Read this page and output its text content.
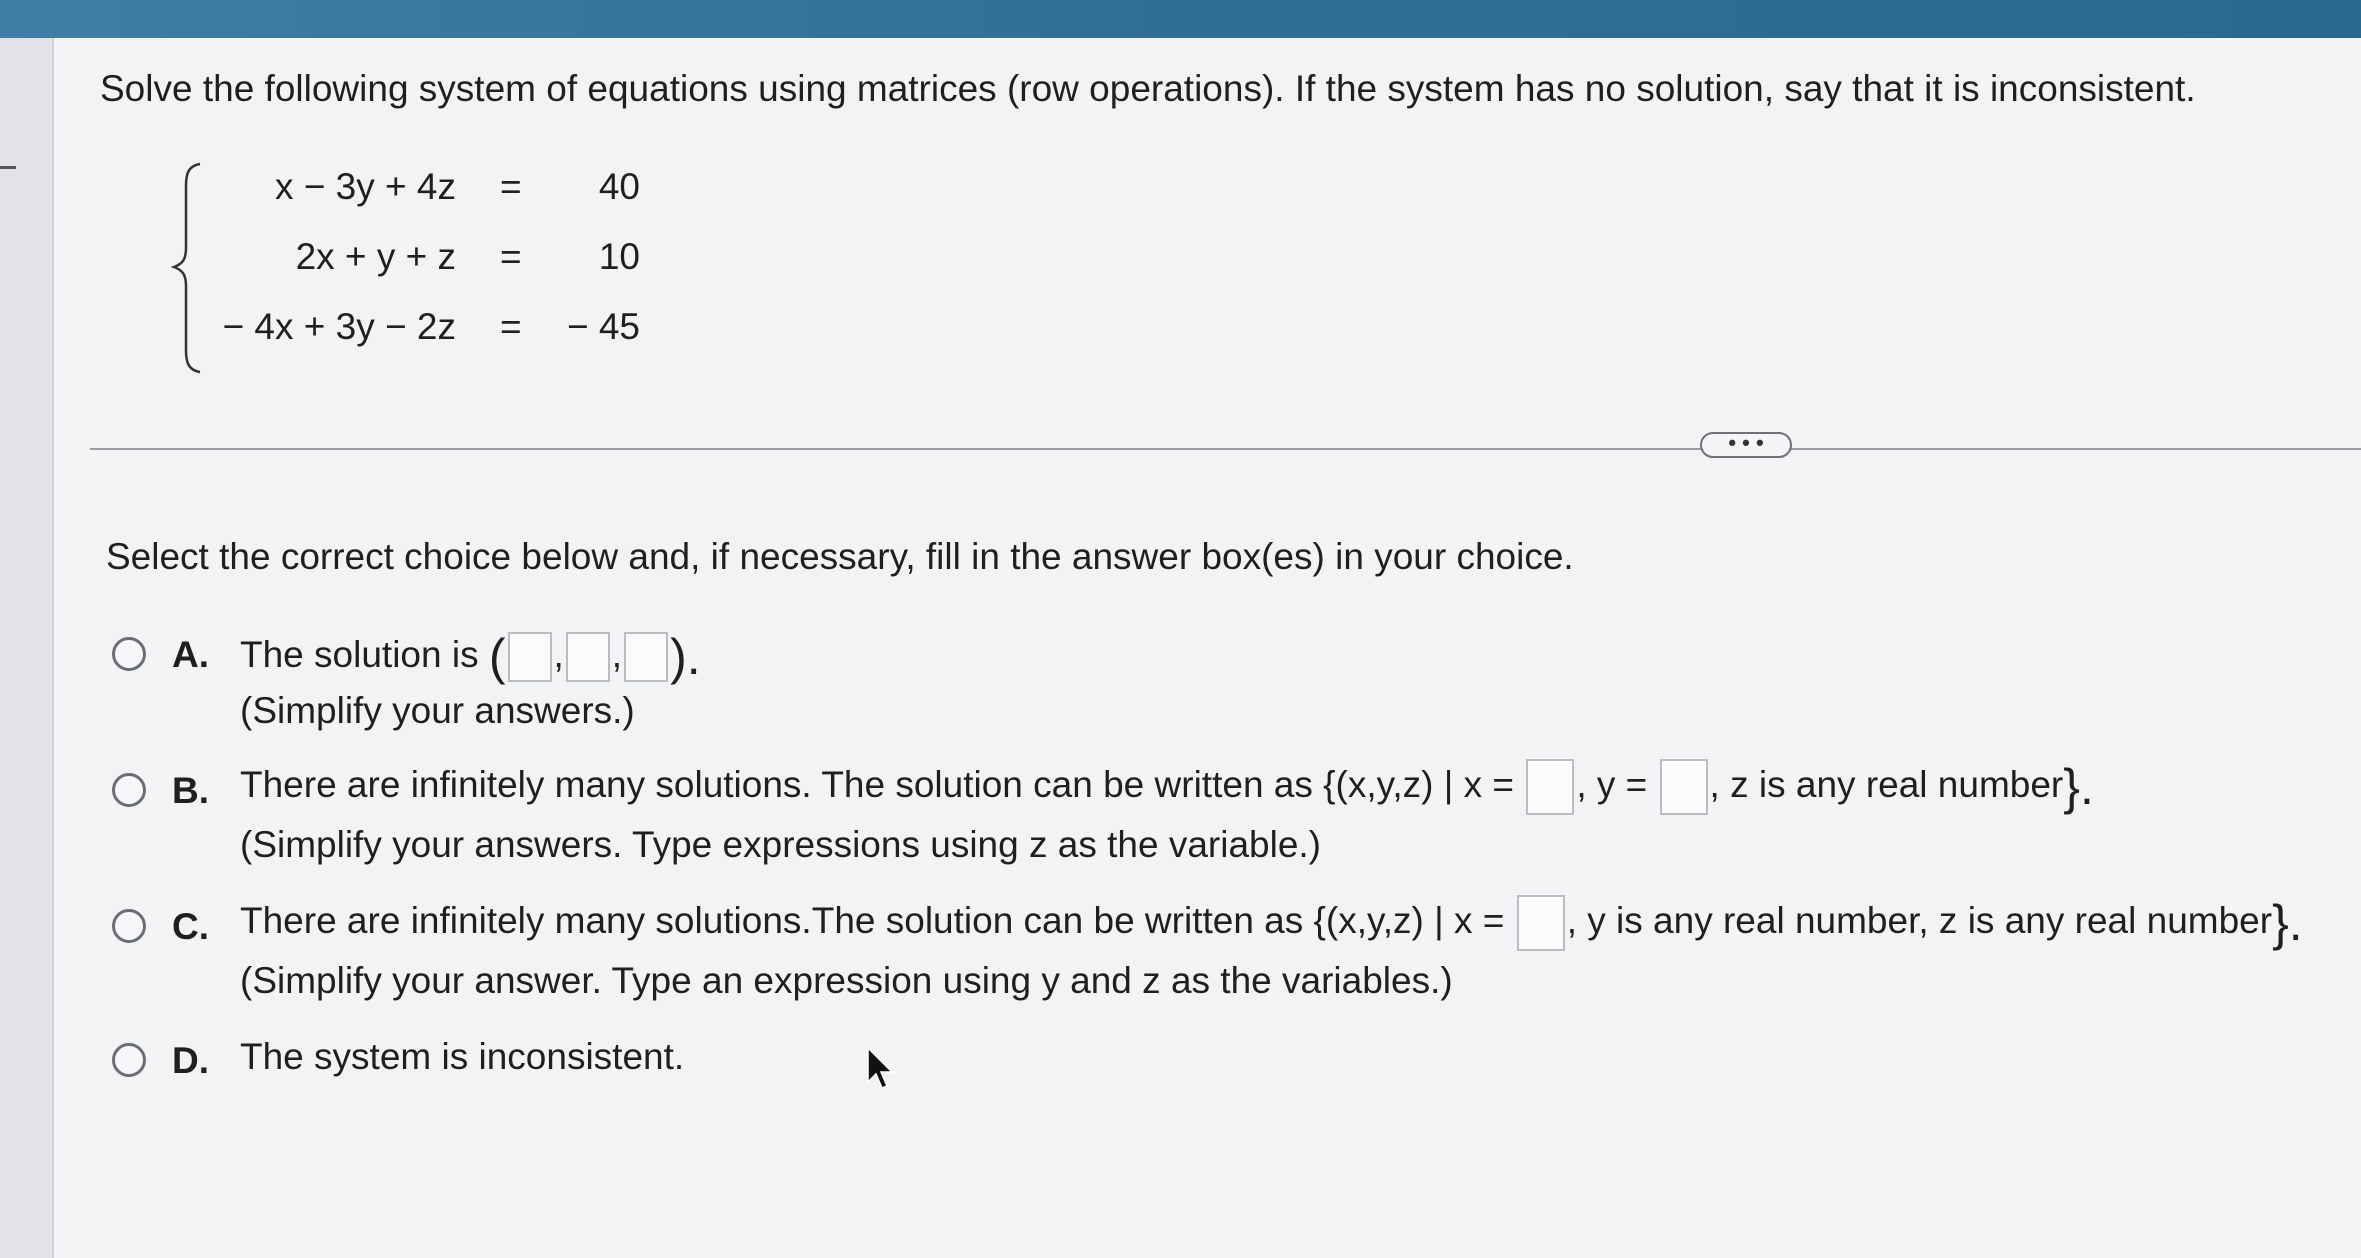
Solve the following system of equations using matrices (row operations). If the system has no solution, say that it is inconsistent.
x − 3y + 4z = 40
2x + y + z = 10
− 4x + 3y − 2z = − 45
• • •
Select the correct choice below and, if necessary, fill in the answer box(es) in your choice.
A. The solution is ( , , ).
(Simplify your answers.)
B. There are infinitely many solutions. The solution can be written as {(x,y,z) | x = , y = , z is any real number}.
(Simplify your answers. Type expressions using z as the variable.)
C. There are infinitely many solutions.The solution can be written as {(x,y,z) | x = , y is any real number, z is any real number}.
(Simplify your answer. Type an expression using y and z as the variables.)
D. The system is inconsistent.
